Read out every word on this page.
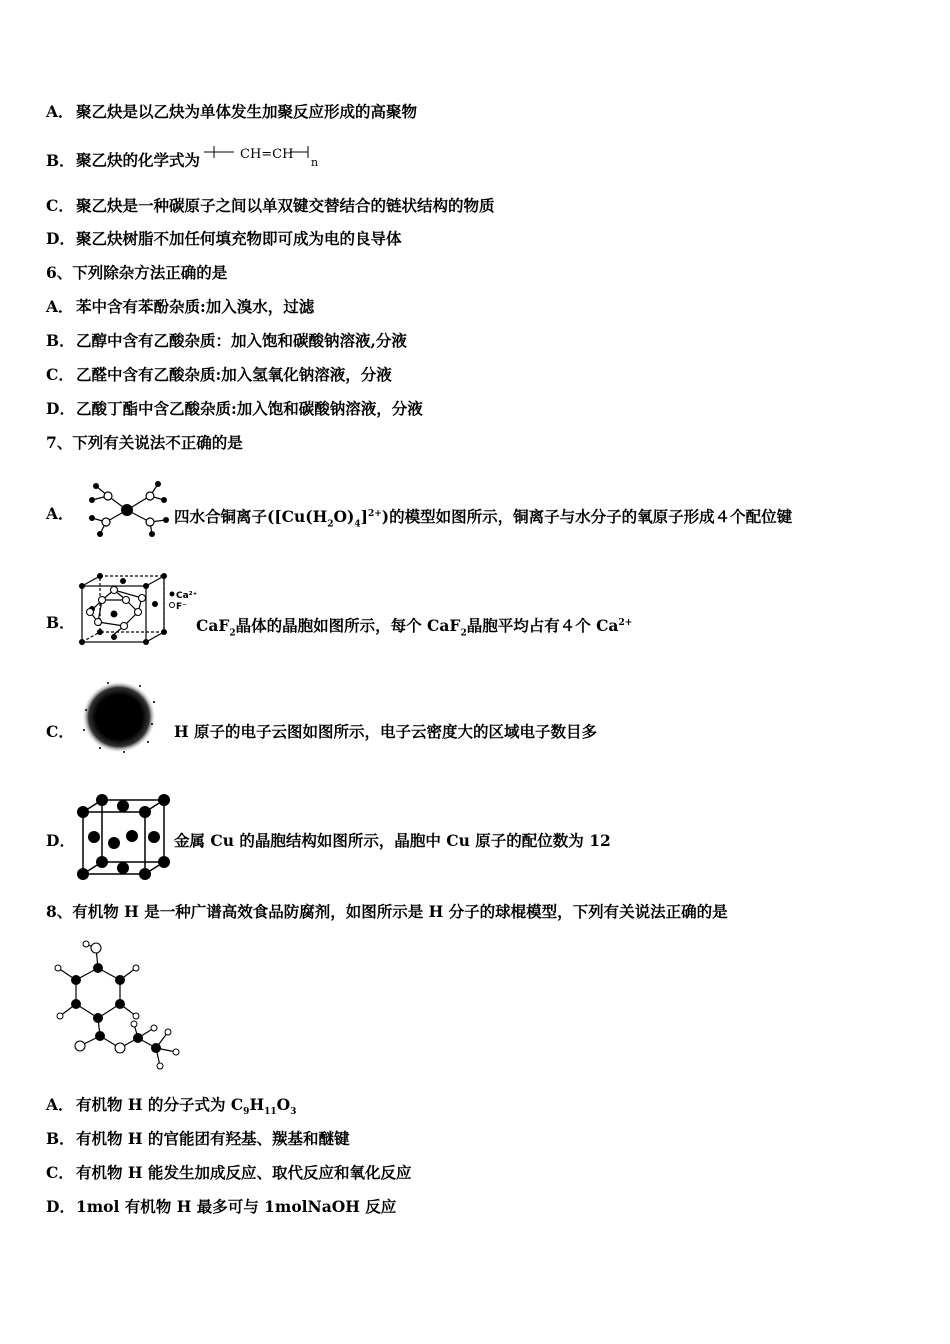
A． 聚乙炔是以乙炔为单体发生加聚反应形成的高聚物
B．聚乙炔的化学式为	CH=CH
n
C． 聚乙炔是一种碳原子之间以单双键交替结合的链状结构的物质
D．聚乙炔树脂不加任何填充物即可成为电的良导体
6、下列除杂方法正确的是
A． 苯中含有苯酚杂质:加入溴水，过滤
B．乙醇中含有乙酸杂质：加入饱和碳酸钠溶液,分液
C． 乙醛中含有乙酸杂质:加入氢氧化钠溶液，分液
D．乙酸丁酯中含乙酸杂质:加入饱和碳酸钠溶液，分液
7、下列有关说法不正确的是
A．	四水合铜离子$([Cu(H_2O)_4]^{2+})$的模型如图所示，铜离子与水分子的氧原子形成４个配位键
B．
Ca²⁺
F⁻
CaF$_2$晶体的晶胞如图所示，每个 CaF$_2$晶胞平均占有４个 $Ca^{2+}$
C．	H 原子的电子云图如图所示，电子云密度大的区域电子数目多
D．	金属 Cu 的晶胞结构如图所示，晶胞中 Cu 原子的配位数为 12
8、有机物 H 是一种广谱高效食品防腐剂，如图所示是 H 分子的球棍模型，下列有关说法正确的是
A． 有机物 H 的分子式为 $C_9H_{11}O_3$
B．有机物 H 的官能团有羟基、羰基和醚键
C． 有机物 H 能发生加成反应、取代反应和氧化反应
D．1mol 有机物 H 最多可与 1molNaOH 反应
